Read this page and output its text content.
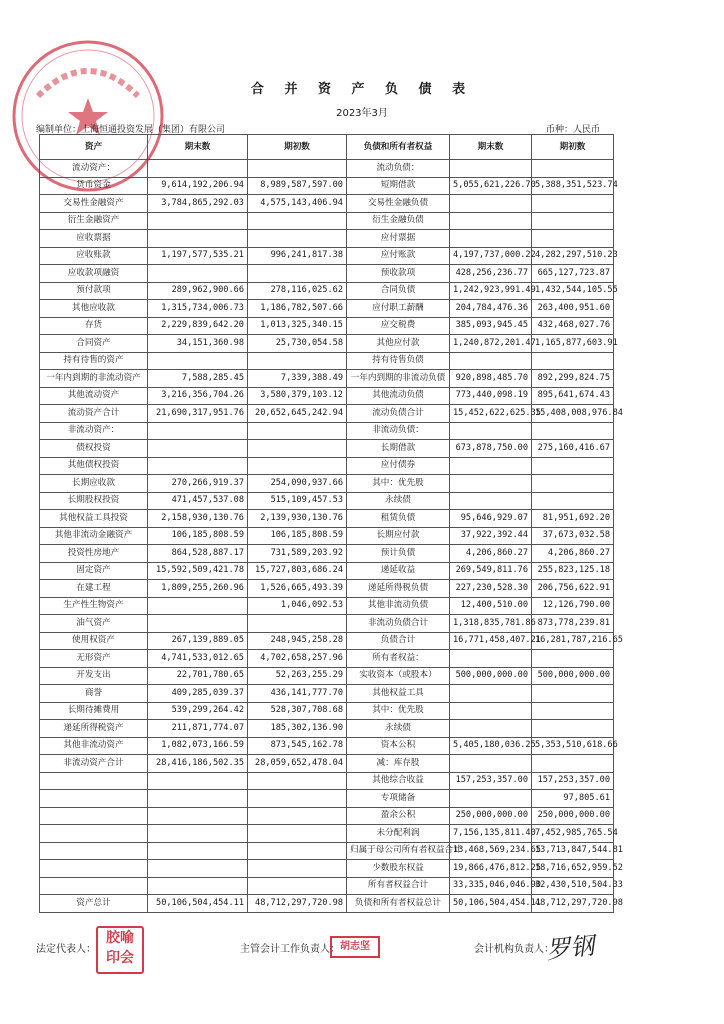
合 并 资 产 负 债 表
2023年3月
编制单位：上海恒通投资发展（集团）有限公司	币种：人民币
资产	期末数	期初数	负债和所有者权益	期末数	期初数
流动资产：			流动负债：		
货币资金	9,614,192,206.94	8,989,587,597.00	短期借款	5,055,621,226.70	5,388,351,523.74
交易性金融资产	3,784,865,292.03	4,575,143,406.94	交易性金融负债		
衍生金融资产			衍生金融负债		
应收票据			应付票据		
应收账款	1,197,577,535.21	996,241,817.38	应付账款	4,197,737,000.22	4,282,297,510.23
应收款项融资			预收款项	428,256,236.77	665,127,723.87
预付款项	289,962,900.66	278,116,025.62	合同负债	1,242,923,991.49	1,432,544,105.55
其他应收款	1,315,734,006.73	1,186,782,507.66	应付职工薪酬	204,784,476.36	263,400,951.60
存货	2,229,839,642.20	1,013,325,340.15	应交税费	385,093,945.45	432,468,027.76
合同资产	34,151,360.98	25,730,054.58	其他应付款	1,240,872,201.47	1,165,877,603.91
持有待售的资产			持有待售负债		
一年内到期的非流动资产	7,588,285.45	7,339,388.49	一年内到期的非流动负债	920,898,485.70	892,299,824.75
其他流动资产	3,216,356,704.26	3,580,379,103.12	其他流动负债	773,440,098.19	895,641,674.43
流动资产合计	21,690,317,951.76	20,652,645,242.94	流动负债合计	15,452,622,625.35	15,408,008,976.84
非流动资产：			非流动负债：		
债权投资			长期借款	673,878,750.00	275,160,416.67
其他债权投资			应付债券		
长期应收款	270,266,919.37	254,090,937.66	其中：优先股		
长期股权投资	471,457,537.08	515,109,457.53	永续债		
其他权益工具投资	2,158,930,130.76	2,139,930,130.76	租赁负债	95,646,929.07	81,951,692.20
其他非流动金融资产	106,185,808.59	106,185,808.59	长期应付款	37,922,392.44	37,673,032.58
投资性房地产	864,528,887.17	731,589,203.92	预计负债	4,206,860.27	4,206,860.27
固定资产	15,592,509,421.78	15,727,803,686.24	递延收益	269,549,811.76	255,823,125.18
在建工程	1,809,255,260.96	1,526,665,493.39	递延所得税负债	227,230,528.30	206,756,622.91
生产性生物资产		1,046,092.53	其他非流动负债	12,400,510.00	12,126,790.00
油气资产			非流动负债合计	1,318,835,781.86	873,778,239.81
使用权资产	267,139,889.05	248,945,258.28	负债合计	16,771,458,407.21	16,281,787,216.65
无形资产	4,741,533,012.65	4,702,658,257.96	所有者权益：		
开发支出	22,701,780.65	52,263,255.29	实收资本（或股本）	500,000,000.00	500,000,000.00
商誉	409,285,039.37	436,141,777.70	其他权益工具		
长期待摊费用	539,299,264.42	528,307,708.68	其中：优先股		
递延所得税资产	211,871,774.07	185,302,136.90	永续债		
其他非流动资产	1,082,073,166.59	873,545,162.78	资本公积	5,405,180,036.25	5,353,510,618.66
非流动资产合计	28,416,186,502.35	28,059,652,478.04	减：库存股		
			其他综合收益	157,253,357.00	157,253,357.00
			专项储备		97,805.61
			盈余公积	250,000,000.00	250,000,000.00
			未分配利润	7,156,135,811.40	7,452,985,765.54
			归属于母公司所有者权益合计	13,468,569,234.65	13,713,847,544.81
			少数股东权益	19,866,476,812.25	18,716,652,959.52
			所有者权益合计	33,335,046,046.90	32,430,510,504.33
资产总计	50,106,504,454.11	48,712,297,720.98	负债和所有者权益总计	50,106,504,454.11	48,712,297,720.98
法定代表人：
胶喻
印会
主管会计工作负责人： 胡志坚	会计机构负责人：
罗钢
